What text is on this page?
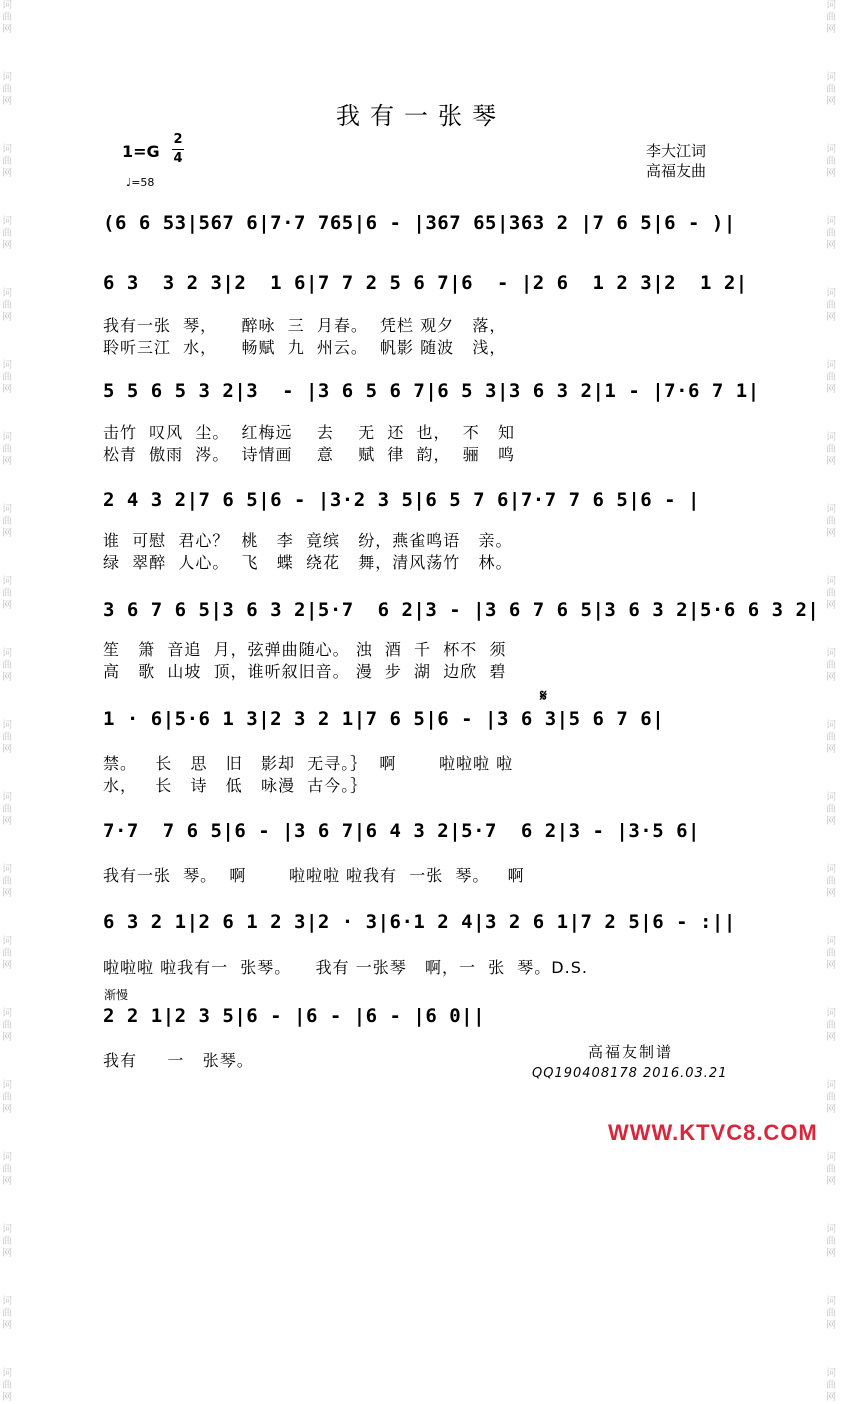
词
曲
网

词
曲
网

词
曲
网

词
曲
网

词
曲
网

词
曲
网

词
曲
网

词
曲
网

词
曲
网

词
曲
网

词
曲
网

词
曲
网

词
曲
网

词
曲
网

词
曲
网

词
曲
网

词
曲
网

词
曲
网

词
曲
网

词
曲
网
词
曲
网

词
曲
网

词
曲
网

词
曲
网

词
曲
网

词
曲
网

词
曲
网

词
曲
网

词
曲
网

词
曲
网

词
曲
网

词
曲
网

词
曲
网

词
曲
网

词
曲
网

词
曲
网

词
曲
网

词
曲
网

词
曲
网

词
曲
网
我有一张琴
1=G
2
4
♩=58
李大江词
高福友曲
(6 6 53|567 6|7·7 765|6 - |367 65|363 2 |7 6 5|6 - )|
6 3  3 2 3|2  1 6|7 7 2 5 6 7|6  - |2 6  1 2 3|2  1 2|
我有一张  琴，    醉咏  三  月春。  凭栏 观夕   落，
聆听三江  水，    畅赋  九  州云。  帆影 随波   浅，
5 5 6 5 3 2|3  - |3 6 5 6 7|6 5 3|3 6 3 2|1 - |7·6 7 1|
击竹  叹风  尘。  红梅远    去    无  还  也，  不   知
松青  傲雨  涔。  诗情画    意    赋  律  韵，  骊   鸣
2 4 3 2|7 6 5|6 - |3·2 3 5|6 5 7 6|7·7 7 6 5|6 - |
谁  可慰  君心？  桃   李  竟缤   纷，燕雀鸣语   亲。
绿  翠醉  人心。  飞   蝶  绕花   舞，清风荡竹   林。
3 6 7 6 5|3 6 3 2|5·7  6 2|3 - |3 6 7 6 5|3 6 3 2|5·6 6 3 2|
笙   箫  音追  月，弦弹曲随心。 浊  酒  千  杯不  须
高   歌  山坡  顶，谁听叙旧音。 漫  步  湖  边欣  碧
𝄋
1 · 6|5·6 1 3|2 3 2 1|7 6 5|6 - |3 6 3|5 6 7 6|
禁。   长   思   旧   影却  无寻。｝  啊       啦啦啦 啦
水，   长   诗   低   咏漫  古今。｝
7·7  7 6 5|6 - |3 6 7|6 4 3 2|5·7  6 2|3 - |3·5 6|
我有一张  琴。  啊       啦啦啦 啦我有  一张  琴。   啊
6 3 2 1|2 6 1 2 3|2 · 3|6·1 2 4|3 2 6 1|7 2 5|6 - :||
啦啦啦 啦我有一  张琴。    我有 一张琴   啊，一  张  琴。D.S.
渐慢
2 2 1|2 3 5|6 - |6 - |6 - |6 0||
我有     一   张琴。	高福友制谱
QQ190408178 2016.03.21
WWW.KTVC8.COM
